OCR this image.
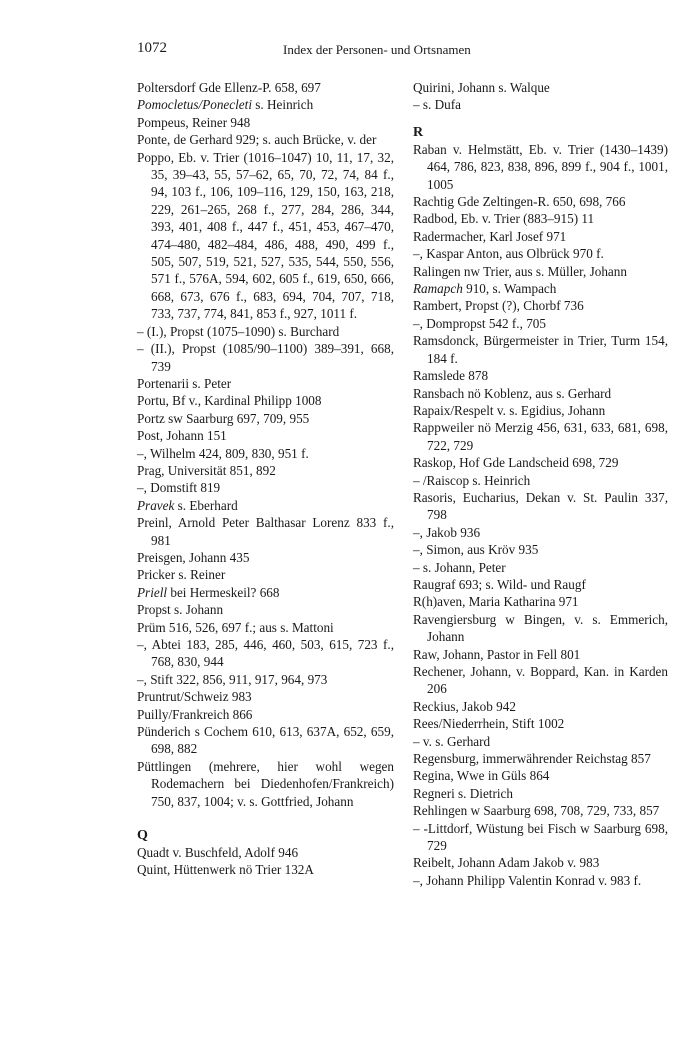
1072	Index der Personen- und Ortsnamen
Poltersdorf Gde Ellenz-P. 658, 697
Pomocletus/Ponecleti s. Heinrich
Pompeus, Reiner 948
Ponte, de Gerhard 929; s. auch Brücke, v. der
Poppo, Eb. v. Trier (1016–1047) 10, 11, 17, 32, 35, 39–43, 55, 57–62, 65, 70, 72, 74, 84 f., 94, 103 f., 106, 109–116, 129, 150, 163, 218, 229, 261–265, 268 f., 277, 284, 286, 344, 393, 401, 408 f., 447 f., 451, 453, 467–470, 474–480, 482–484, 486, 488, 490, 499 f., 505, 507, 519, 521, 527, 535, 544, 550, 556, 571 f., 576A, 594, 602, 605 f., 619, 650, 666, 668, 673, 676 f., 683, 694, 704, 707, 718, 733, 737, 774, 841, 853 f., 927, 1011 f.
– (I.), Propst (1075–1090) s. Burchard
– (II.), Propst (1085/90–1100) 389–391, 668, 739
Portenarii s. Peter
Portu, Bf v., Kardinal Philipp 1008
Portz sw Saarburg 697, 709, 955
Post, Johann 151
–, Wilhelm 424, 809, 830, 951 f.
Prag, Universität 851, 892
–, Domstift 819
Pravek s. Eberhard
Preinl, Arnold Peter Balthasar Lorenz 833 f., 981
Preisgen, Johann 435
Pricker s. Reiner
Priell bei Hermeskeil? 668
Propst s. Johann
Prüm 516, 526, 697 f.; aus s. Mattoni
–, Abtei 183, 285, 446, 460, 503, 615, 723 f., 768, 830, 944
–, Stift 322, 856, 911, 917, 964, 973
Pruntrut/Schweiz 983
Puilly/Frankreich 866
Pünderich s Cochem 610, 613, 637A, 652, 659, 698, 882
Püttlingen (mehrere, hier wohl wegen Rodemachern bei Diedenhofen/Frankreich) 750, 837, 1004; v. s. Gottfried, Johann
Q
Quadt v. Buschfeld, Adolf 946
Quint, Hüttenwerk nö Trier 132A
Quirini, Johann s. Walque
– s. Dufa
R
Raban v. Helmstätt, Eb. v. Trier (1430–1439) 464, 786, 823, 838, 896, 899 f., 904 f., 1001, 1005
Rachtig Gde Zeltingen-R. 650, 698, 766
Radbod, Eb. v. Trier (883–915) 11
Radermacher, Karl Josef 971
–, Kaspar Anton, aus Olbrück 970 f.
Ralingen nw Trier, aus s. Müller, Johann
Ramapch 910, s. Wampach
Rambert, Propst (?), Chorbf 736
–, Dompropst 542 f., 705
Ramsdonck, Bürgermeister in Trier, Turm 154, 184 f.
Ramslede 878
Ransbach nö Koblenz, aus s. Gerhard
Rapaix/Respelt v. s. Egidius, Johann
Rappweiler nö Merzig 456, 631, 633, 681, 698, 722, 729
Raskop, Hof Gde Landscheid 698, 729
– /Raiscop s. Heinrich
Rasoris, Eucharius, Dekan v. St. Paulin 337, 798
–, Jakob 936
–, Simon, aus Kröv 935
– s. Johann, Peter
Raugraf 693; s. Wild- und Raugf
R(h)aven, Maria Katharina 971
Ravengiersburg w Bingen, v. s. Emmerich, Johann
Raw, Johann, Pastor in Fell 801
Rechener, Johann, v. Boppard, Kan. in Karden 206
Reckius, Jakob 942
Rees/Niederrhein, Stift 1002
– v. s. Gerhard
Regensburg, immerwährender Reichstag 857
Regina, Wwe in Güls 864
Regneri s. Dietrich
Rehlingen w Saarburg 698, 708, 729, 733, 857
– -Littdorf, Wüstung bei Fisch w Saarburg 698, 729
Reibelt, Johann Adam Jakob v. 983
–, Johann Philipp Valentin Konrad v. 983 f.
